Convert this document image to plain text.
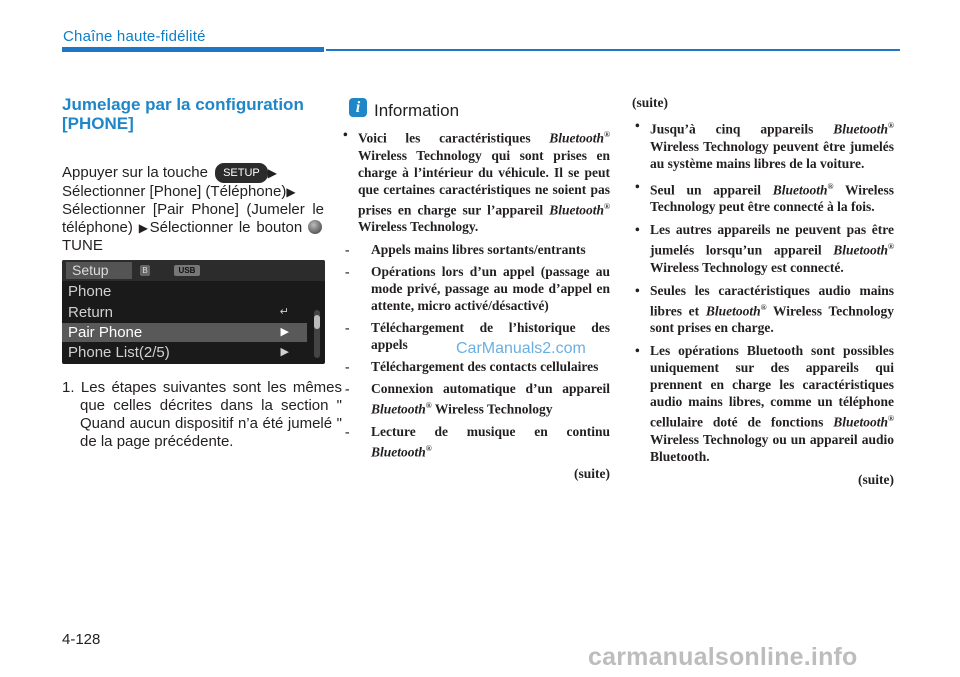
Chaîne haute-fidélité
Jumelage par la configuration [PHONE]
Appuyer sur la touche SETUP ▶
Sélectionner [Phone] (Téléphone)▶
Sélectionner [Pair Phone] (Jumeler le téléphone) ▶Sélectionner le bouton TUNE
Setup	B	USB
Phone
Return	↵
Pair Phone	▶
Phone List(2/5)	▶
1. Les étapes suivantes sont les mêmes que celles décrites dans la section " Quand aucun dispositif n’a été jumelé " de la page précédente.
i Information
• Voici les caractéristiques Bluetooth® Wireless Technology qui sont prises en charge à l’intérieur du véhicule. Il se peut que certaines caractéristiques ne soient pas prises en charge sur l’appareil Bluetooth® Wireless Technology.
- Appels mains libres sortants/entrants
- Opérations lors d’un appel (passage au mode privé, passage au mode d’appel en attente, micro activé/désactivé)
- Téléchargement de l’historique des appels
- Téléchargement des contacts cellulaires
- Connexion automatique d’un appareil Bluetooth® Wireless Technology
- Lecture de musique en continu Bluetooth®
(suite)
CarManuals2.com
(suite)
• Jusqu’à cinq appareils Bluetooth® Wireless Technology peuvent être jumelés au système mains libres de la voiture.
• Seul un appareil Bluetooth® Wireless Technology peut être connecté à la fois.
• Les autres appareils ne peuvent pas être jumelés lorsqu’un appareil Bluetooth® Wireless Technology est connecté.
• Seules les caractéristiques audio mains libres et Bluetooth® Wireless Technology sont prises en charge.
• Les opérations Bluetooth sont possibles uniquement sur des appareils qui prennent en charge les caractéristiques audio mains libres, comme un téléphone cellulaire doté de fonctions Bluetooth® Wireless Technology ou un appareil audio Bluetooth.
(suite)
4-128
carmanualsonline.info
